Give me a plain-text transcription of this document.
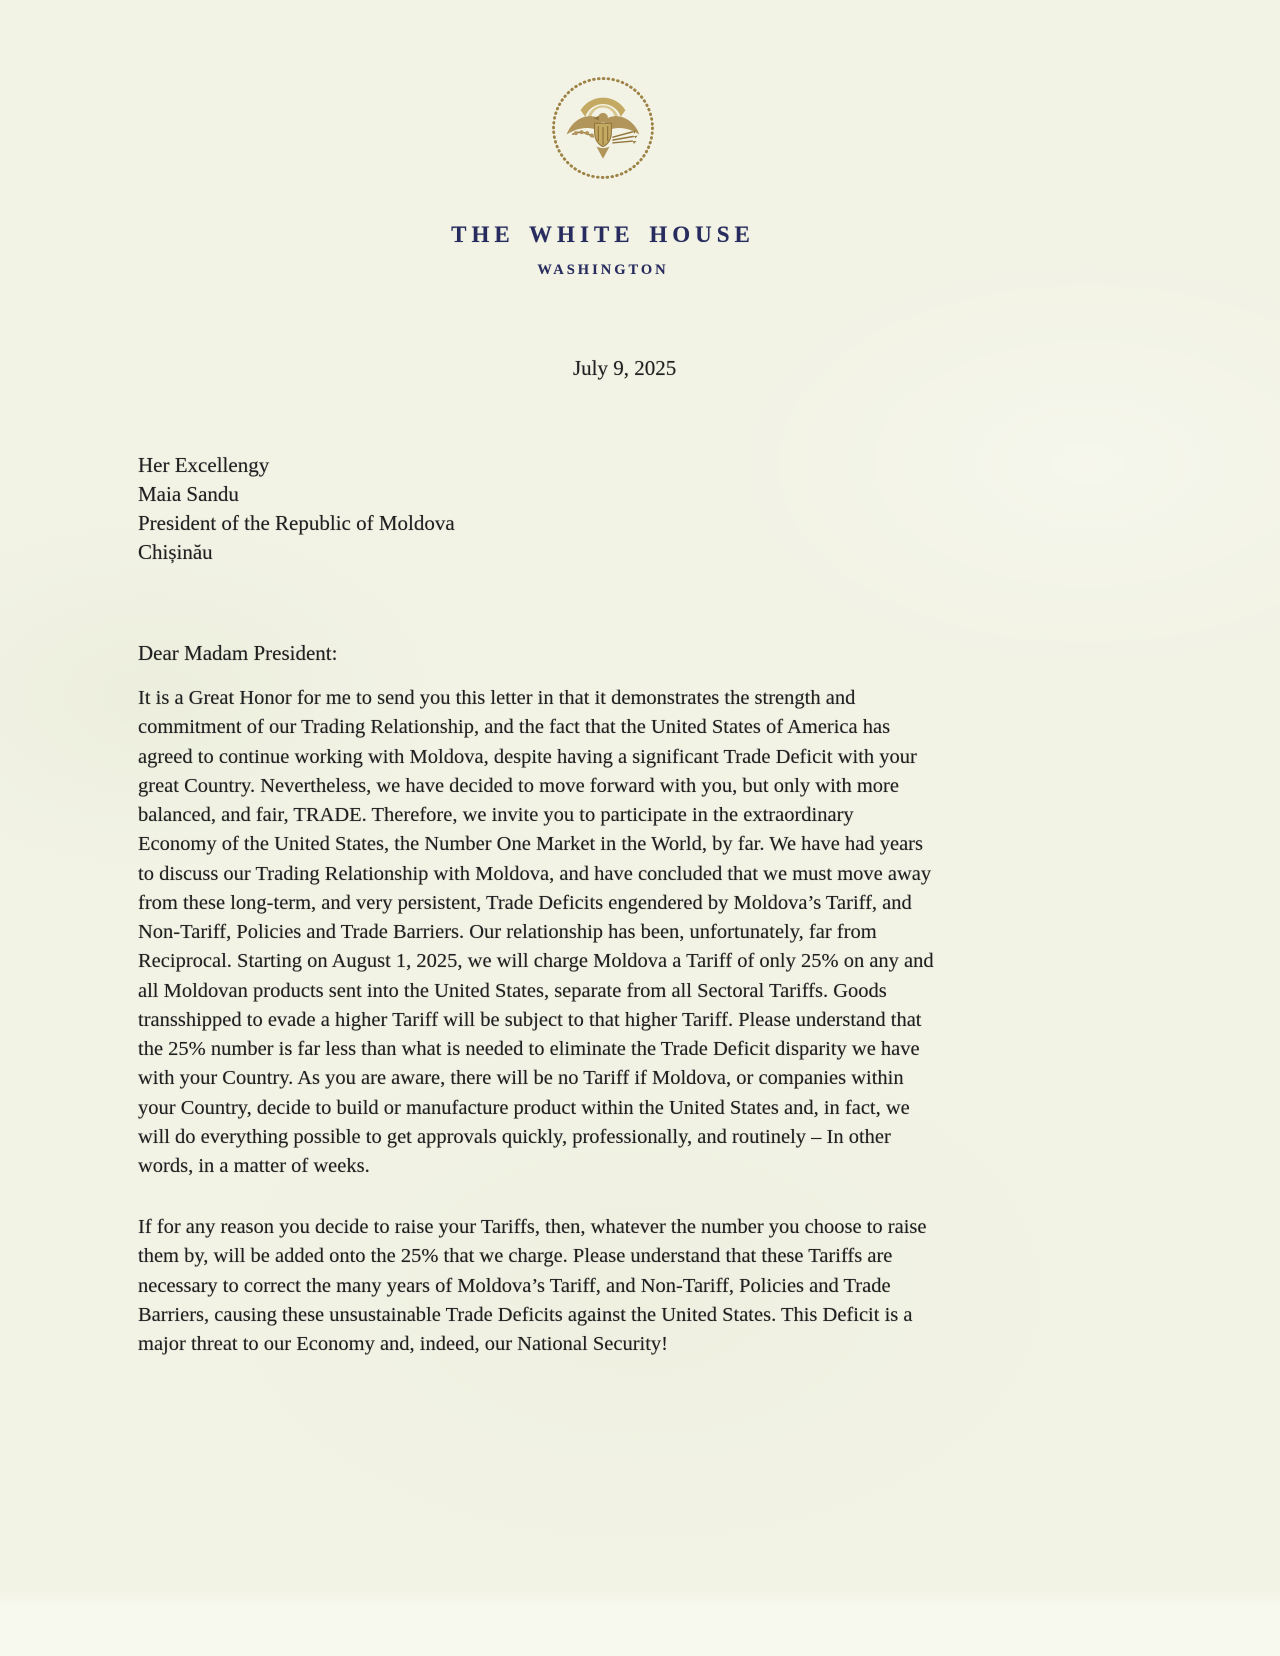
THE WHITE HOUSE
WASHINGTON
July 9, 2025
Her Excellengy
Maia Sandu
President of the Republic of Moldova
Chișinău
Dear Madam President:
It is a Great Honor for me to send you this letter in that it demonstrates the strength and
commitment of our Trading Relationship, and the fact that the United States of America has
agreed to continue working with Moldova, despite having a significant Trade Deficit with your
great Country. Nevertheless, we have decided to move forward with you, but only with more
balanced, and fair, TRADE. Therefore, we invite you to participate in the extraordinary
Economy of the United States, the Number One Market in the World, by far. We have had years
to discuss our Trading Relationship with Moldova, and have concluded that we must move away
from these long-term, and very persistent, Trade Deficits engendered by Moldova’s Tariff, and
Non-Tariff, Policies and Trade Barriers. Our relationship has been, unfortunately, far from
Reciprocal. Starting on August 1, 2025, we will charge Moldova a Tariff of only 25% on any and
all Moldovan products sent into the United States, separate from all Sectoral Tariffs. Goods
transshipped to evade a higher Tariff will be subject to that higher Tariff. Please understand that
the 25% number is far less than what is needed to eliminate the Trade Deficit disparity we have
with your Country. As you are aware, there will be no Tariff if Moldova, or companies within
your Country, decide to build or manufacture product within the United States and, in fact, we
will do everything possible to get approvals quickly, professionally, and routinely – In other
words, in a matter of weeks.
If for any reason you decide to raise your Tariffs, then, whatever the number you choose to raise
them by, will be added onto the 25% that we charge. Please understand that these Tariffs are
necessary to correct the many years of Moldova’s Tariff, and Non-Tariff, Policies and Trade
Barriers, causing these unsustainable Trade Deficits against the United States. This Deficit is a
major threat to our Economy and, indeed, our National Security!
